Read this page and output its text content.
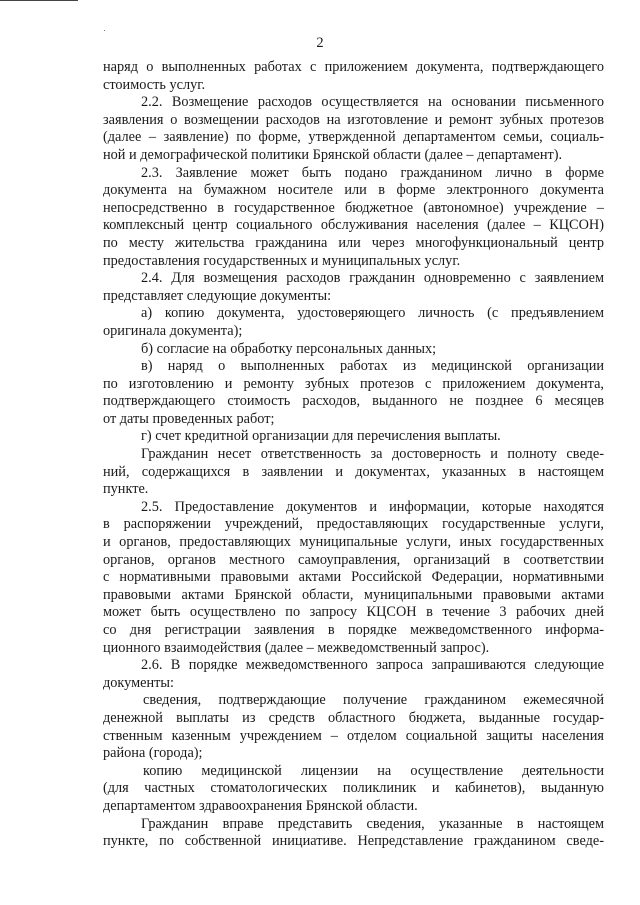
2
наряд о выполненных работах с приложением документа, подтверждающего
стоимость услуг.
2.2. Возмещение расходов осуществляется на основании письменного
заявления о возмещении расходов на изготовление и ремонт зубных протезов
(далее – заявление) по форме, утвержденной департаментом семьи, социаль-
ной и демографической политики Брянской области (далее – департамент).
2.3. Заявление может быть подано гражданином лично в форме
документа на бумажном носителе или в форме электронного документа
непосредственно в государственное бюджетное (автономное) учреждение –
комплексный центр социального обслуживания населения (далее – КЦСОН)
по месту жительства гражданина или через многофункциональный центр
предоставления государственных и муниципальных услуг.
2.4. Для возмещения расходов гражданин одновременно с заявлением
представляет следующие документы:
а) копию документа, удостоверяющего личность (с предъявлением
оригинала документа);
б) согласие на обработку персональных данных;
в) наряд о выполненных работах из медицинской организации
по изготовлению и ремонту зубных протезов с приложением документа,
подтверждающего стоимость расходов, выданного не позднее 6 месяцев
от даты проведенных работ;
г) счет кредитной организации для перечисления выплаты.
Гражданин несет ответственность за достоверность и полноту сведе-
ний, содержащихся в заявлении и документах, указанных в настоящем
пункте.
2.5. Предоставление документов и информации, которые находятся
в распоряжении учреждений, предоставляющих государственные услуги,
и органов, предоставляющих муниципальные услуги, иных государственных
органов, органов местного самоуправления, организаций в соответствии
с нормативными правовыми актами Российской Федерации, нормативными
правовыми актами Брянской области, муниципальными правовыми актами
может быть осуществлено по запросу КЦСОН в течение 3 рабочих дней
со дня регистрации заявления в порядке межведомственного информа-
ционного взаимодействия (далее – межведомственный запрос).
2.6. В порядке межведомственного запроса запрашиваются следующие
документы:
сведения, подтверждающие получение гражданином ежемесячной
денежной выплаты из средств областного бюджета, выданные государ-
ственным казенным учреждением – отделом социальной защиты населения
района (города);
копию медицинской лицензии на осуществление деятельности
(для частных стоматологических поликлиник и кабинетов), выданную
департаментом здравоохранения Брянской области.
Гражданин вправе представить сведения, указанные в настоящем
пункте, по собственной инициативе. Непредставление гражданином сведе-
